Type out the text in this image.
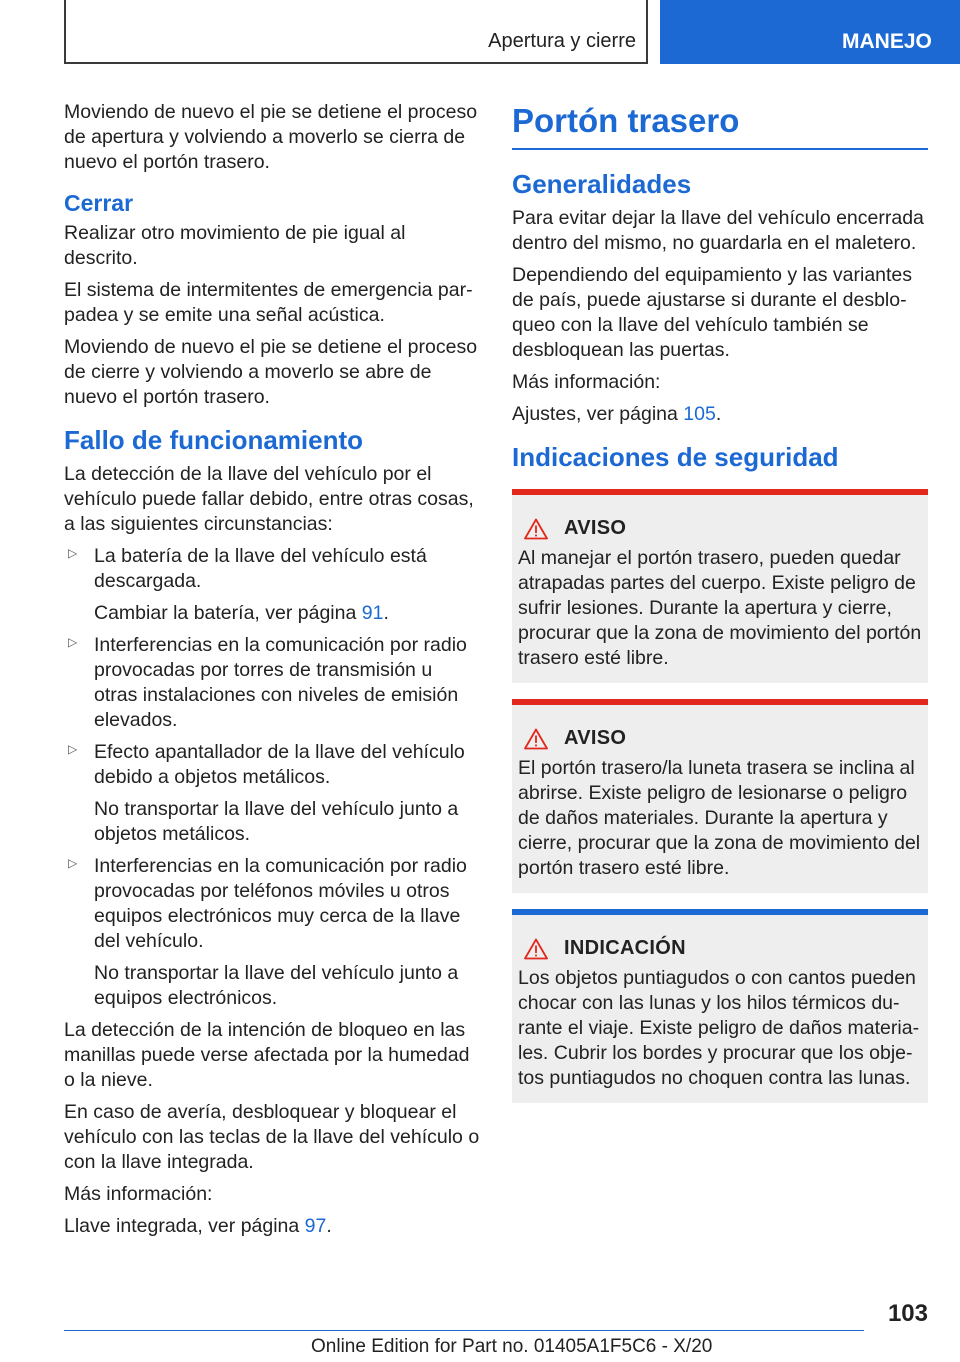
Apertura y cierre	MANEJO

Moviendo de nuevo el pie se detiene el proceso de apertura y volviendo a moverlo se cierra de nuevo el portón trasero.

Cerrar

Realizar otro movimiento de pie igual al descrito.

El sistema de intermitentes de emergencia parpadea y se emite una señal acústica.

Moviendo de nuevo el pie se detiene el proceso de cierre y volviendo a moverlo se abre de nuevo el portón trasero.

Fallo de funcionamiento

La detección de la llave del vehículo por el vehículo puede fallar debido, entre otras cosas, a las siguientes circunstancias:

▷ La batería de la llave del vehículo está descargada.

Cambiar la batería, ver página 91.

▷ Interferencias en la comunicación por radio provocadas por torres de transmisión u otras instalaciones con niveles de emisión elevados.

▷ Efecto apantallador de la llave del vehículo debido a objetos metálicos.

No transportar la llave del vehículo junto a objetos metálicos.

▷ Interferencias en la comunicación por radio provocadas por teléfonos móviles u otros equipos electrónicos muy cerca de la llave del vehículo.

No transportar la llave del vehículo junto a equipos electrónicos.

La detección de la intención de bloqueo en las manillas puede verse afectada por la humedad o la nieve.

En caso de avería, desbloquear y bloquear el vehículo con las teclas de la llave del vehículo o con la llave integrada.

Más información:

Llave integrada, ver página 97.

Portón trasero
Generalidades

Para evitar dejar la llave del vehículo encerrada dentro del mismo, no guardarla en el maletero.

Dependiendo del equipamiento y las variantes de país, puede ajustarse si durante el desbloqueo con la llave del vehículo también se desbloquean las puertas.

Más información:

Ajustes, ver página 105.

Indicaciones de seguridad
AVISO

Al manejar el portón trasero, pueden quedar atrapadas partes del cuerpo. Existe peligro de sufrir lesiones. Durante la apertura y cierre, procurar que la zona de movimiento del portón trasero esté libre.

AVISO

El portón trasero/la luneta trasera se inclina al abrirse. Existe peligro de lesionarse o peligro de daños materiales. Durante la apertura y cierre, procurar que la zona de movimiento del portón trasero esté libre.

INDICACIÓN

Los objetos puntiagudos o con cantos pueden chocar con las lunas y los hilos térmicos durante el viaje. Existe peligro de daños materiales. Cubrir los bordes y procurar que los objetos puntiagudos no choquen contra las lunas.

103
Online Edition for Part no. 01405A1F5C6 - X/20
